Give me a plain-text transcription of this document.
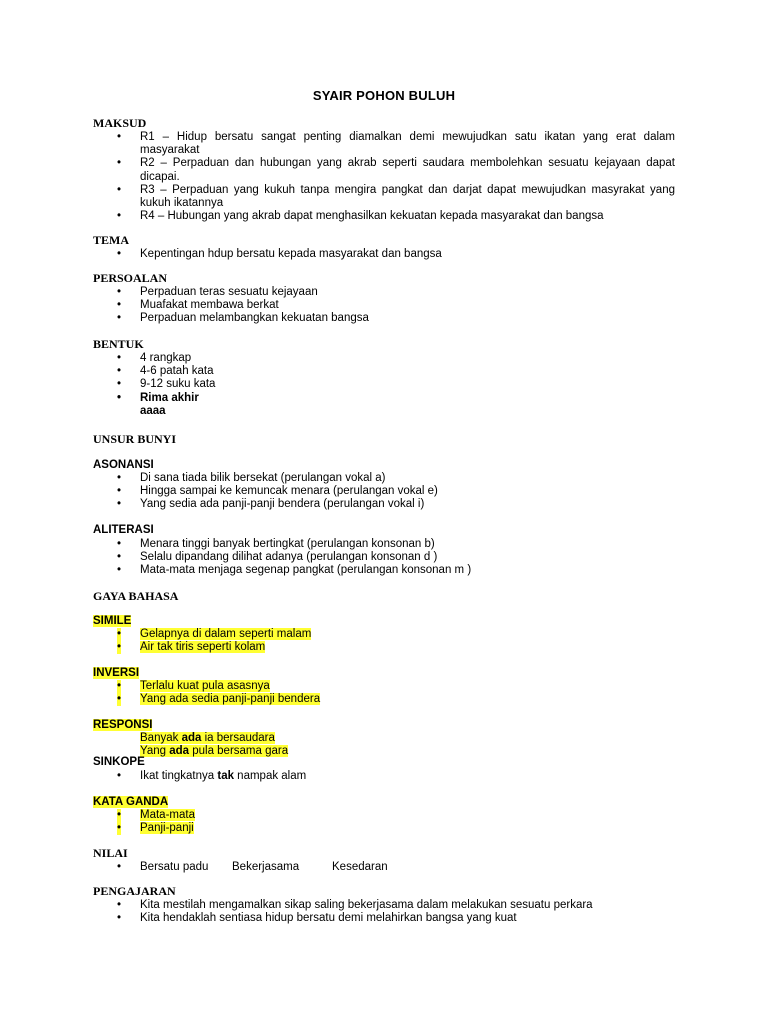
SYAIR POHON BULUH
MAKSUD
• R1 – Hidup bersatu sangat penting diamalkan demi mewujudkan satu ikatan yang erat dalam masyarakat
• R2 – Perpaduan dan hubungan yang akrab seperti saudara membolehkan sesuatu kejayaan dapat dicapai.
• R3 – Perpaduan yang kukuh tanpa mengira pangkat dan darjat dapat mewujudkan masyrakat yang kukuh ikatannya
• R4 – Hubungan yang akrab dapat menghasilkan kekuatan kepada masyarakat dan bangsa
TEMA
• Kepentingan hdup bersatu kepada masyarakat dan bangsa
PERSOALAN
• Perpaduan teras sesuatu kejayaan
• Muafakat membawa berkat
• Perpaduan melambangkan kekuatan bangsa
BENTUK
• 4 rangkap
• 4-6 patah kata
• 9-12 suku kata
• Rima akhir
aaaa
UNSUR BUNYI
ASONANSI
• Di sana tiada bilik bersekat (perulangan vokal a)
• Hingga sampai ke kemuncak menara (perulangan vokal e)
• Yang sedia ada panji-panji bendera (perulangan vokal i)
ALITERASI
• Menara tinggi banyak bertingkat (perulangan konsonan b)
• Selalu dipandang dilihat adanya (perulangan konsonan d )
• Mata-mata menjaga segenap pangkat (perulangan konsonan m )
GAYA BAHASA
SIMILE
• Gelapnya di dalam seperti malam
• Air tak tiris seperti kolam
INVERSI
• Terlalu kuat pula asasnya
• Yang ada sedia panji-panji bendera
RESPONSI
Banyak ada ia bersaudara
Yang ada pula bersama gara
SINKOPE
• Ikat tingkatnya tak nampak alam
KATA GANDA
• Mata-mata
• Panji-panji
NILAI
• Bersatu padu Bekerjasama	Kesedaran
PENGAJARAN
• Kita mestilah mengamalkan sikap saling bekerjasama dalam melakukan sesuatu perkara
• Kita hendaklah sentiasa hidup bersatu demi melahirkan bangsa yang kuat
